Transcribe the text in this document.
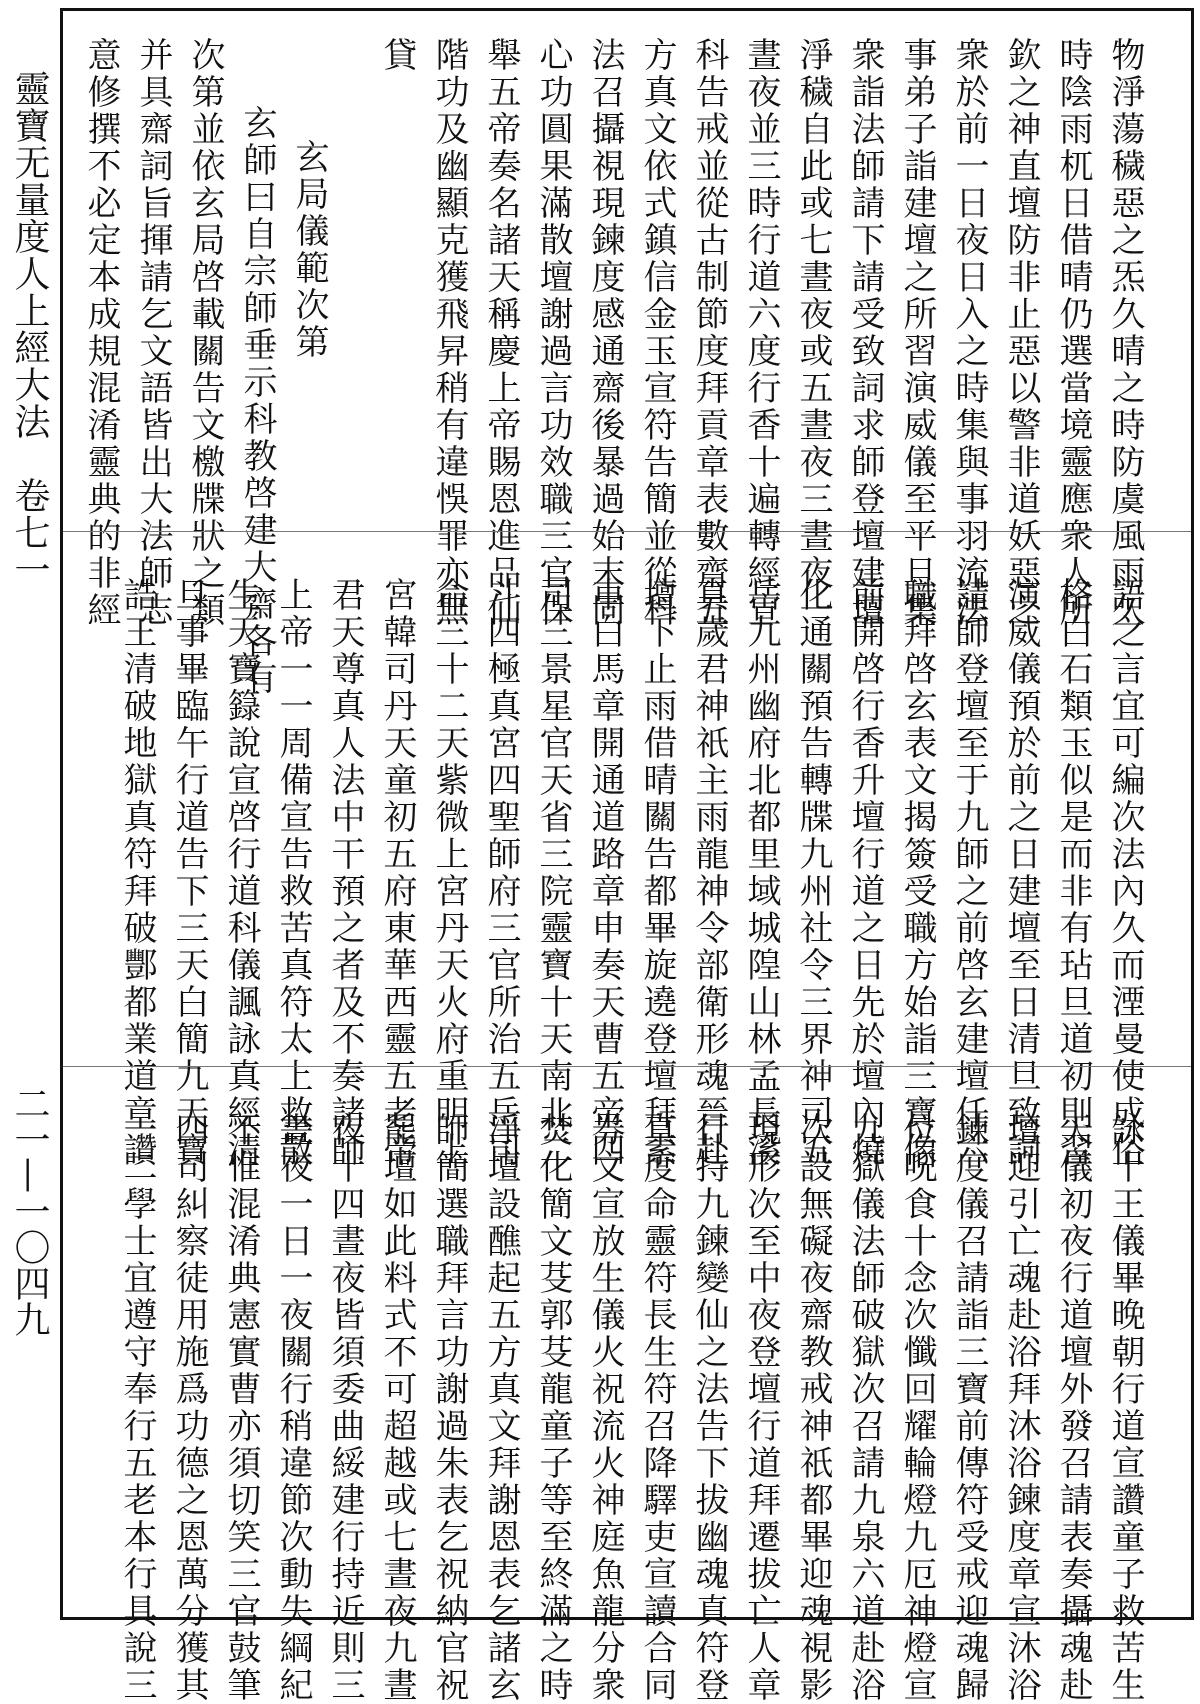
靈寶无量度人上經大法　卷七一
二一—一〇四九
物淨蕩穢惡之炁久晴之時防虞風雨久
時陰雨杌日借晴仍選當境靈應衆人所
欽之神直壇防非止惡以警非道妖惡之
衆於前一日夜日入之時集與事羽流法
事弟子詣建壇之所習演威儀至平旦集
衆詣法師請下請受致詞求師登壇建壇
淨穢自此或七晝夜或五晝夜三晝夜一
晝夜並三時行道六度行香十遍轉經宣
科告戒並從古制節度拜貢章表數齋五
方真文依式鎮信金玉宣符告簡並從科
法召攝視現鍊度感通齋後暴過始末同
心功圓果滿散壇謝過言功效職三官保
舉五帝奏名諸天稱慶上帝賜恩進品仙
階功及幽顯克獲飛昇稍有違悞罪亦無
貸
玄局儀範次第
玄師曰自宗師垂示科教啓建大齋各有
次第並依玄局啓載關告文檄牒狀之類
并具齋詞旨揮請乞文語皆出大法師志
意修撰不必定本成規混淆靈典的非經
語之言宜可編次法內久而湮曼使成俗
格白石類玉似是而非有玷旦道初則習
演威儀預於前之日建壇至日清旦致詞
請師登壇至于九師之前啓玄建壇任六
職拜啓玄表文揭簽受職方始詣三寶像
前開啓行香升壇行道之日先於壇內燒
化通關預告轉牒九州社令三界神司五
岳九州幽府北都里域城隍山林孟長溪
真歲君神祇主雨龍神令部衛形魂晉赴
壇下止雨借晴關告都畢旋遶登壇拜素
車白馬章開通道路章申奏天曹五帝四
司三景星官天省三院靈寶十天南北二
斗四極真宮四聖師府三官所治五岳司
命三十二天紫微上宮丹天火府重明上
宮韓司丹天童初五府東華西靈五老帝
君天尊真人法中干預之者及不奏諸師
上帝一一周備宣告救苦真符太上救散
生天寶籙說宣啓行道科儀諷詠真經清
旦事畢臨午行道告下三天白簡九天寶
誥王清破地獄真符拜破酆都業道章讚
詠十王儀畢晚朝行道宣讚童子救苦生
天儀初夜行道壇外發召請表奏攝魂赴
壇迎引亡魂赴浴拜沐浴鍊度章宣沐浴
鍊度儀召請詣三寶前傳符受戒迎魂歸
位呪食十念次懺回耀輪燈九厄神燈宣
九獄儀法師破獄次召請九泉六道赴浴
次設無礙夜齋教戒神祇都畢迎魂視影
現形次至中夜登壇行道拜遷拔亡人章
行持九鍊變仙之法告下拔幽魂真符登
真度命靈符長生符召降驛吏宣讀合同
券文宣放生儀火祝流火神庭魚龍分衆
焚化簡文芟郭芟龍童子等至終滿之時
淨壇設醮起五方真文拜謝恩表乞諸玄
師簡選職拜言功謝過朱表乞祝納官祝
罷壇如此料式不可超越或七晝夜九晝
夜十四晝夜皆須委曲綏建行持近則三
晝夜一日一夜關行稍違節次動失綱紀
不惟混淆典憲實曹亦須切笑三官鼓筆
四司糾察徒用施爲功德之恩萬分獲其
一二學士宜遵守奉行五老本行具說三
